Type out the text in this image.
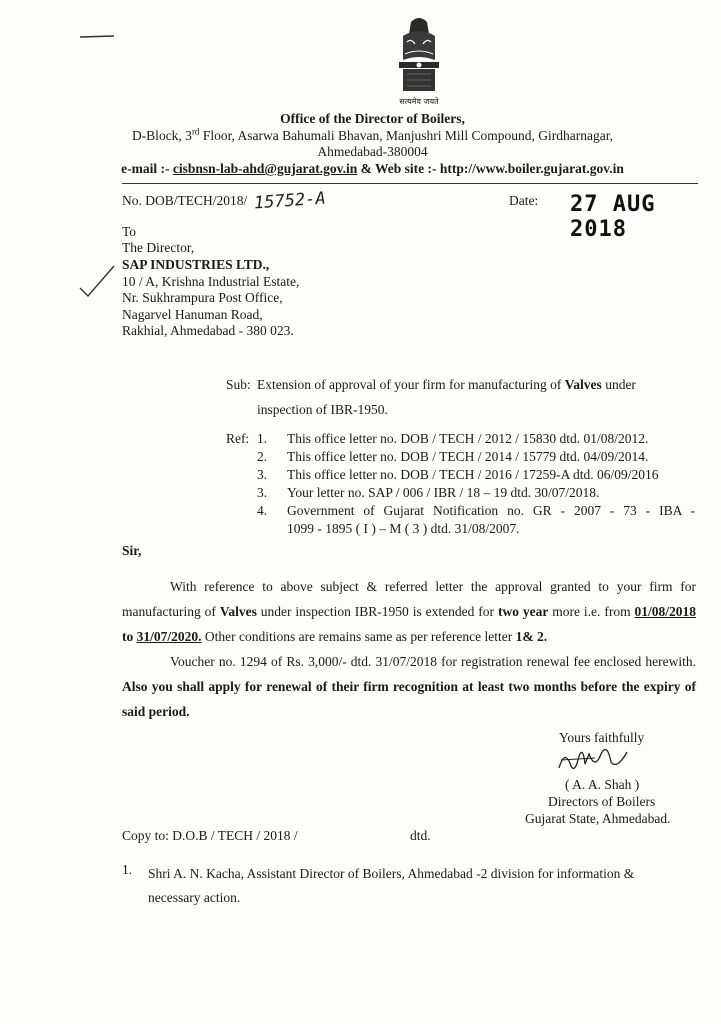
सत्यमेव जयते
Office of the Director of Boilers,
D-Block, 3rd Floor, Asarwa Bahumali Bhavan, Manjushri Mill Compound, Girdharnagar,
Ahmedabad-380004
e-mail :- cisbnsn-lab-ahd@gujarat.gov.in & Web site :- http://www.boiler.gujarat.gov.in
No. DOB/TECH/2018/ 15752-A	Date: 27 AUG 2018
To
The Director,
SAP INDUSTRIES LTD.,
10 / A, Krishna Industrial Estate,
Nr. Sukhrampura Post Office,
Nagarvel Hanuman Road,
Rakhial, Ahmedabad - 380 023.
Sub: Extension of approval of your firm for manufacturing of Valves under
inspection of IBR-1950.
Ref: 1. This office letter no. DOB / TECH / 2012 / 15830 dtd. 01/08/2012.
2. This office letter no. DOB / TECH / 2014 / 15779 dtd. 04/09/2014.
3. This office letter no. DOB / TECH / 2016 / 17259-A dtd. 06/09/2016
3. Your letter no. SAP / 006 / IBR / 18 – 19 dtd. 30/07/2018.
4. Government of Gujarat Notification no. GR - 2007 - 73 - IBA -
1099 - 1895 ( I ) – M ( 3 ) dtd. 31/08/2007.
Sir,
With reference to above subject & referred letter the approval granted to your firm for manufacturing of Valves under inspection IBR-1950 is extended for two year more i.e. from 01/08/2018 to 31/07/2020. Other conditions are remains same as per reference letter 1& 2.
Voucher no. 1294 of Rs. 3,000/- dtd. 31/07/2018 for registration renewal fee enclosed herewith. Also you shall apply for renewal of their firm recognition at least two months before the expiry of said period.
Yours faithfully
( A. A. Shah )
Directors of Boilers
Gujarat State, Ahmedabad.
Copy to: D.O.B / TECH / 2018 /	dtd.
1. Shri A. N. Kacha, Assistant Director of Boilers, Ahmedabad -2 division for information & necessary action.
